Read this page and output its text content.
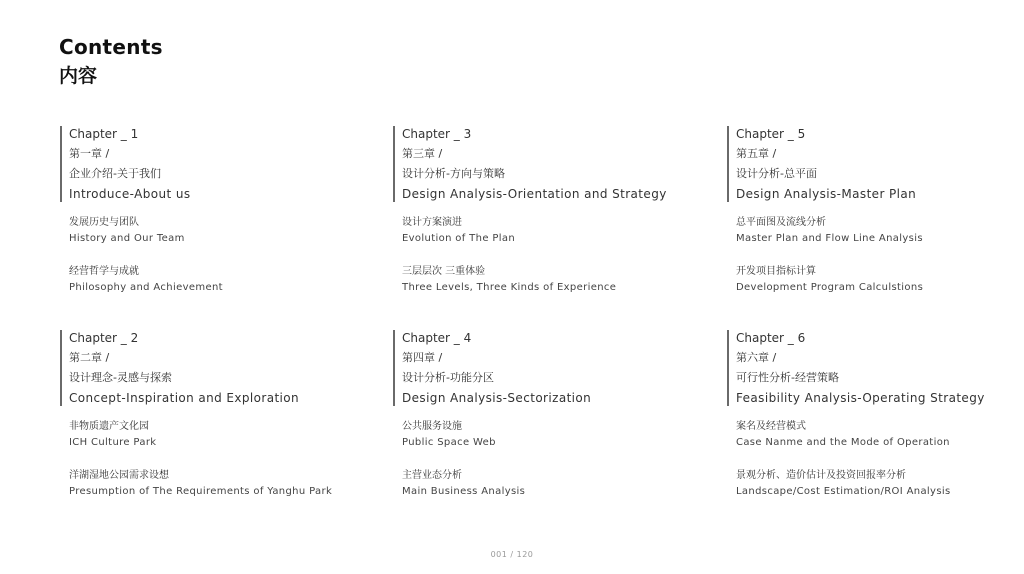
Contents
内容
Chapter _ 1
第一章 /
企业介绍-关于我们
Introduce-About us
发展历史与团队
History and Our Team
经营哲学与成就
Philosophy and Achievement
Chapter _ 2
第二章 /
设计理念-灵感与探索
Concept-Inspiration and Exploration
非物质遗产文化园
ICH Culture Park
洋湖湿地公园需求设想
Presumption of The Requirements of Yanghu Park
Chapter _ 3
第三章 /
设计分析-方向与策略
Design Analysis-Orientation and Strategy
设计方案演进
Evolution of The Plan
三层层次 三重体验
Three Levels, Three Kinds of Experience
Chapter _ 4
第四章 /
设计分析-功能分区
Design Analysis-Sectorization
公共服务设施
Public Space Web
主营业态分析
Main Business Analysis
Chapter _ 5
第五章 /
设计分析-总平面
Design Analysis-Master Plan
总平面图及流线分析
Master Plan and Flow Line Analysis
开发项目指标计算
Development Program Calculstions
Chapter _ 6
第六章 /
可行性分析-经营策略
Feasibility Analysis-Operating Strategy
案名及经营模式
Case Nanme and the Mode of Operation
景观分析、造价估计及投资回报率分析
Landscape/Cost Estimation/ROI Analysis
001 / 120
